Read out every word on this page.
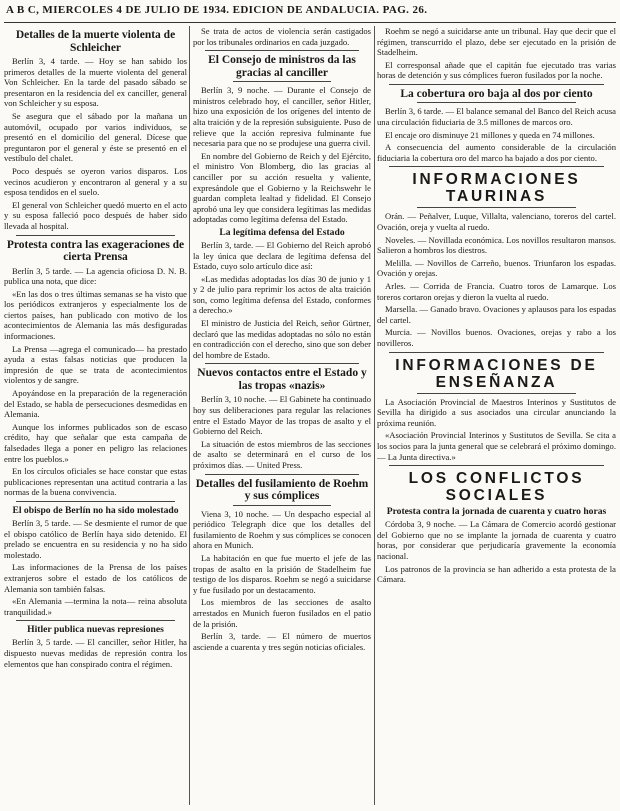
A B C, MIERCOLES 4 DE JULIO DE 1934. EDICION DE ANDALUCIA. PAG. 26.
Detalles de la muerte violenta de Schleicher

Berlín 3, 4 tarde. — Hoy se han sabido los primeros detalles de la muerte violenta del general Von Schleicher. En la tarde del pasado sábado se presentaron en la residencia del ex canciller, general von Schleicher y su esposa.

Se asegura que el sábado por la mañana un automóvil, ocupado por varios individuos, se presentó en el domicilio del general. Dícese que preguntaron por el general y éste se presentó en el vestíbulo del chalet.

Poco después se oyeron varios disparos. Los vecinos acudieron y encontraron al general y a su esposa tendidos en el suelo.

El general von Schleicher quedó muerto en el acto y su esposa falleció poco después de haber sido llevada al hospital.

Protesta contra las exageraciones de cierta Prensa

Berlín 3, 5 tarde. — La agencia oficiosa D. N. B. publica una nota, que dice:

«En las dos o tres últimas semanas se ha visto que los periódicos extranjeros y especialmente los de ciertos países, han publicado con motivo de los acontecimientos de Alemania las más desfiguradas informaciones.

La Prensa —agrega el comunicado— ha prestado ayuda a estas falsas noticias que producen la impresión de que se trata de acontecimientos violentos y de sangre.

Apoyándose en la preparación de la regeneración del Estado, se habla de persecuciones desmedidas en Alemania.

Aunque los informes publicados son de escaso crédito, hay que señalar que esta campaña de falsedades llega a poner en peligro las relaciones entre los pueblos.»

En los círculos oficiales se hace constar que estas publicaciones representan una actitud contraria a las normas de la buena convivencia.

El obispo de Berlín no ha sido molestado

Berlín 3, 5 tarde. — Se desmiente el rumor de que el obispo católico de Berlín haya sido detenido. El prelado se encuentra en su residencia y no ha sido molestado.

Las informaciones de la Prensa de los países extranjeros sobre el estado de los católicos de Alemania son también falsas.

«En Alemania —termina la nota— reina absoluta tranquilidad.»

Hitler publica nuevas represiones

Berlín 3, 5 tarde. — El canciller, señor Hitler, ha dispuesto nuevas medidas de represión contra los elementos que han conspirado contra el régimen.

Se trata de actos de violencia serán castigados por los tribunales ordinarios en cada juzgado.

El Consejo de ministros da las gracias al canciller

Berlín 3, 9 noche. — Durante el Consejo de ministros celebrado hoy, el canciller, señor Hitler, hizo una exposición de los orígenes del intento de alta traición y de la represión subsiguiente. Puso de relieve que la acción represiva fulminante fue necesaria para que no se produjese una guerra civil.

En nombre del Gobierno de Reich y del Ejército, el ministro Von Blomberg, dio las gracias al canciller por su acción resuelta y valiente, expresándole que el Gobierno y la Reichswehr le guardan completa lealtad y fidelidad. El Consejo aprobó una ley que considera legítimas las medidas adoptadas como legítima defensa del Estado.

La legítima defensa del Estado

Berlín 3, tarde. — El Gobierno del Reich aprobó la ley única que declara de legítima defensa del Estado, cuyo solo artículo dice así:

«Las medidas adoptadas los días 30 de junio y 1 y 2 de julio para reprimir los actos de alta traición son, como legítima defensa del Estado, conformes a derecho.»

El ministro de Justicia del Reich, señor Gürtner, declaró que las medidas adoptadas no sólo no están en contradicción con el derecho, sino que son deber del hombre de Estado.

Nuevos contactos entre el Estado y las tropas «nazis»

Berlín 3, 10 noche. — El Gabinete ha continuado hoy sus deliberaciones para regular las relaciones entre el Estado Mayor de las tropas de asalto y el Gobierno del Reich.

La situación de estos miembros de las secciones de asalto se determinará en el curso de los próximos días. — United Press.

Detalles del fusilamiento de Roehm y sus cómplices

Viena 3, 10 noche. — Un despacho especial al periódico Telegraph dice que los detalles del fusilamiento de Roehm y sus cómplices se conocen ahora en Munich.

La habitación en que fue muerto el jefe de las tropas de asalto en la prisión de Stadelheim fue testigo de los disparos. Roehm se negó a suicidarse y fue fusilado por un destacamento.

Los miembros de las secciones de asalto arrestados en Munich fueron fusilados en el patio de la prisión.

Berlín 3, tarde. — El número de muertos asciende a cuarenta y tres según noticias oficiales.

Roehm se negó a suicidarse ante un tribunal. Hay que decir que el régimen, transcurrido el plazo, debe ser ejecutado en la prisión de Stadelheim.

El corresponsal añade que el capitán fue ejecutado tras varias horas de detención y sus cómplices fueron fusilados por la noche.

La cobertura oro baja al dos por ciento

Berlín 3, 6 tarde. — El balance semanal del Banco del Reich acusa una circulación fiduciaria de 3.5 millones de marcos oro.

El encaje oro disminuye 21 millones y queda en 74 millones.

A consecuencia del aumento considerable de la circulación fiduciaria la cobertura oro del marco ha bajado a dos por ciento.

INFORMACIONES TAURINAS

Orán. — Peñalver, Luque, Villalta, valenciano, toreros del cartel. Ovación, oreja y vuelta al ruedo.

Noveles. — Novillada económica. Los novillos resultaron mansos. Salieron a hombros los diestros.

Melilla. — Novillos de Carreño, buenos. Triunfaron los espadas. Ovación y orejas.

Arles. — Corrida de Francia. Cuatro toros de Lamarque. Los toreros cortaron orejas y dieron la vuelta al ruedo.

Marsella. — Ganado bravo. Ovaciones y aplausos para los espadas del cartel.

Murcia. — Novillos buenos. Ovaciones, orejas y rabo a los novilleros.

INFORMACIONES DE ENSEÑANZA

La Asociación Provincial de Maestros Interinos y Sustitutos de Sevilla ha dirigido a sus asociados una circular anunciando la próxima reunión.

«Asociación Provincial Interinos y Sustitutos de Sevilla. Se cita a los socios para la junta general que se celebrará el próximo domingo. — La Junta directiva.»

LOS CONFLICTOS SOCIALES
Protesta contra la jornada de cuarenta y cuatro horas

Córdoba 3, 9 noche. — La Cámara de Comercio acordó gestionar del Gobierno que no se implante la jornada de cuarenta y cuatro horas, por considerar que perjudicaría gravemente la economía nacional.

Los patronos de la provincia se han adherido a esta protesta de la Cámara.
